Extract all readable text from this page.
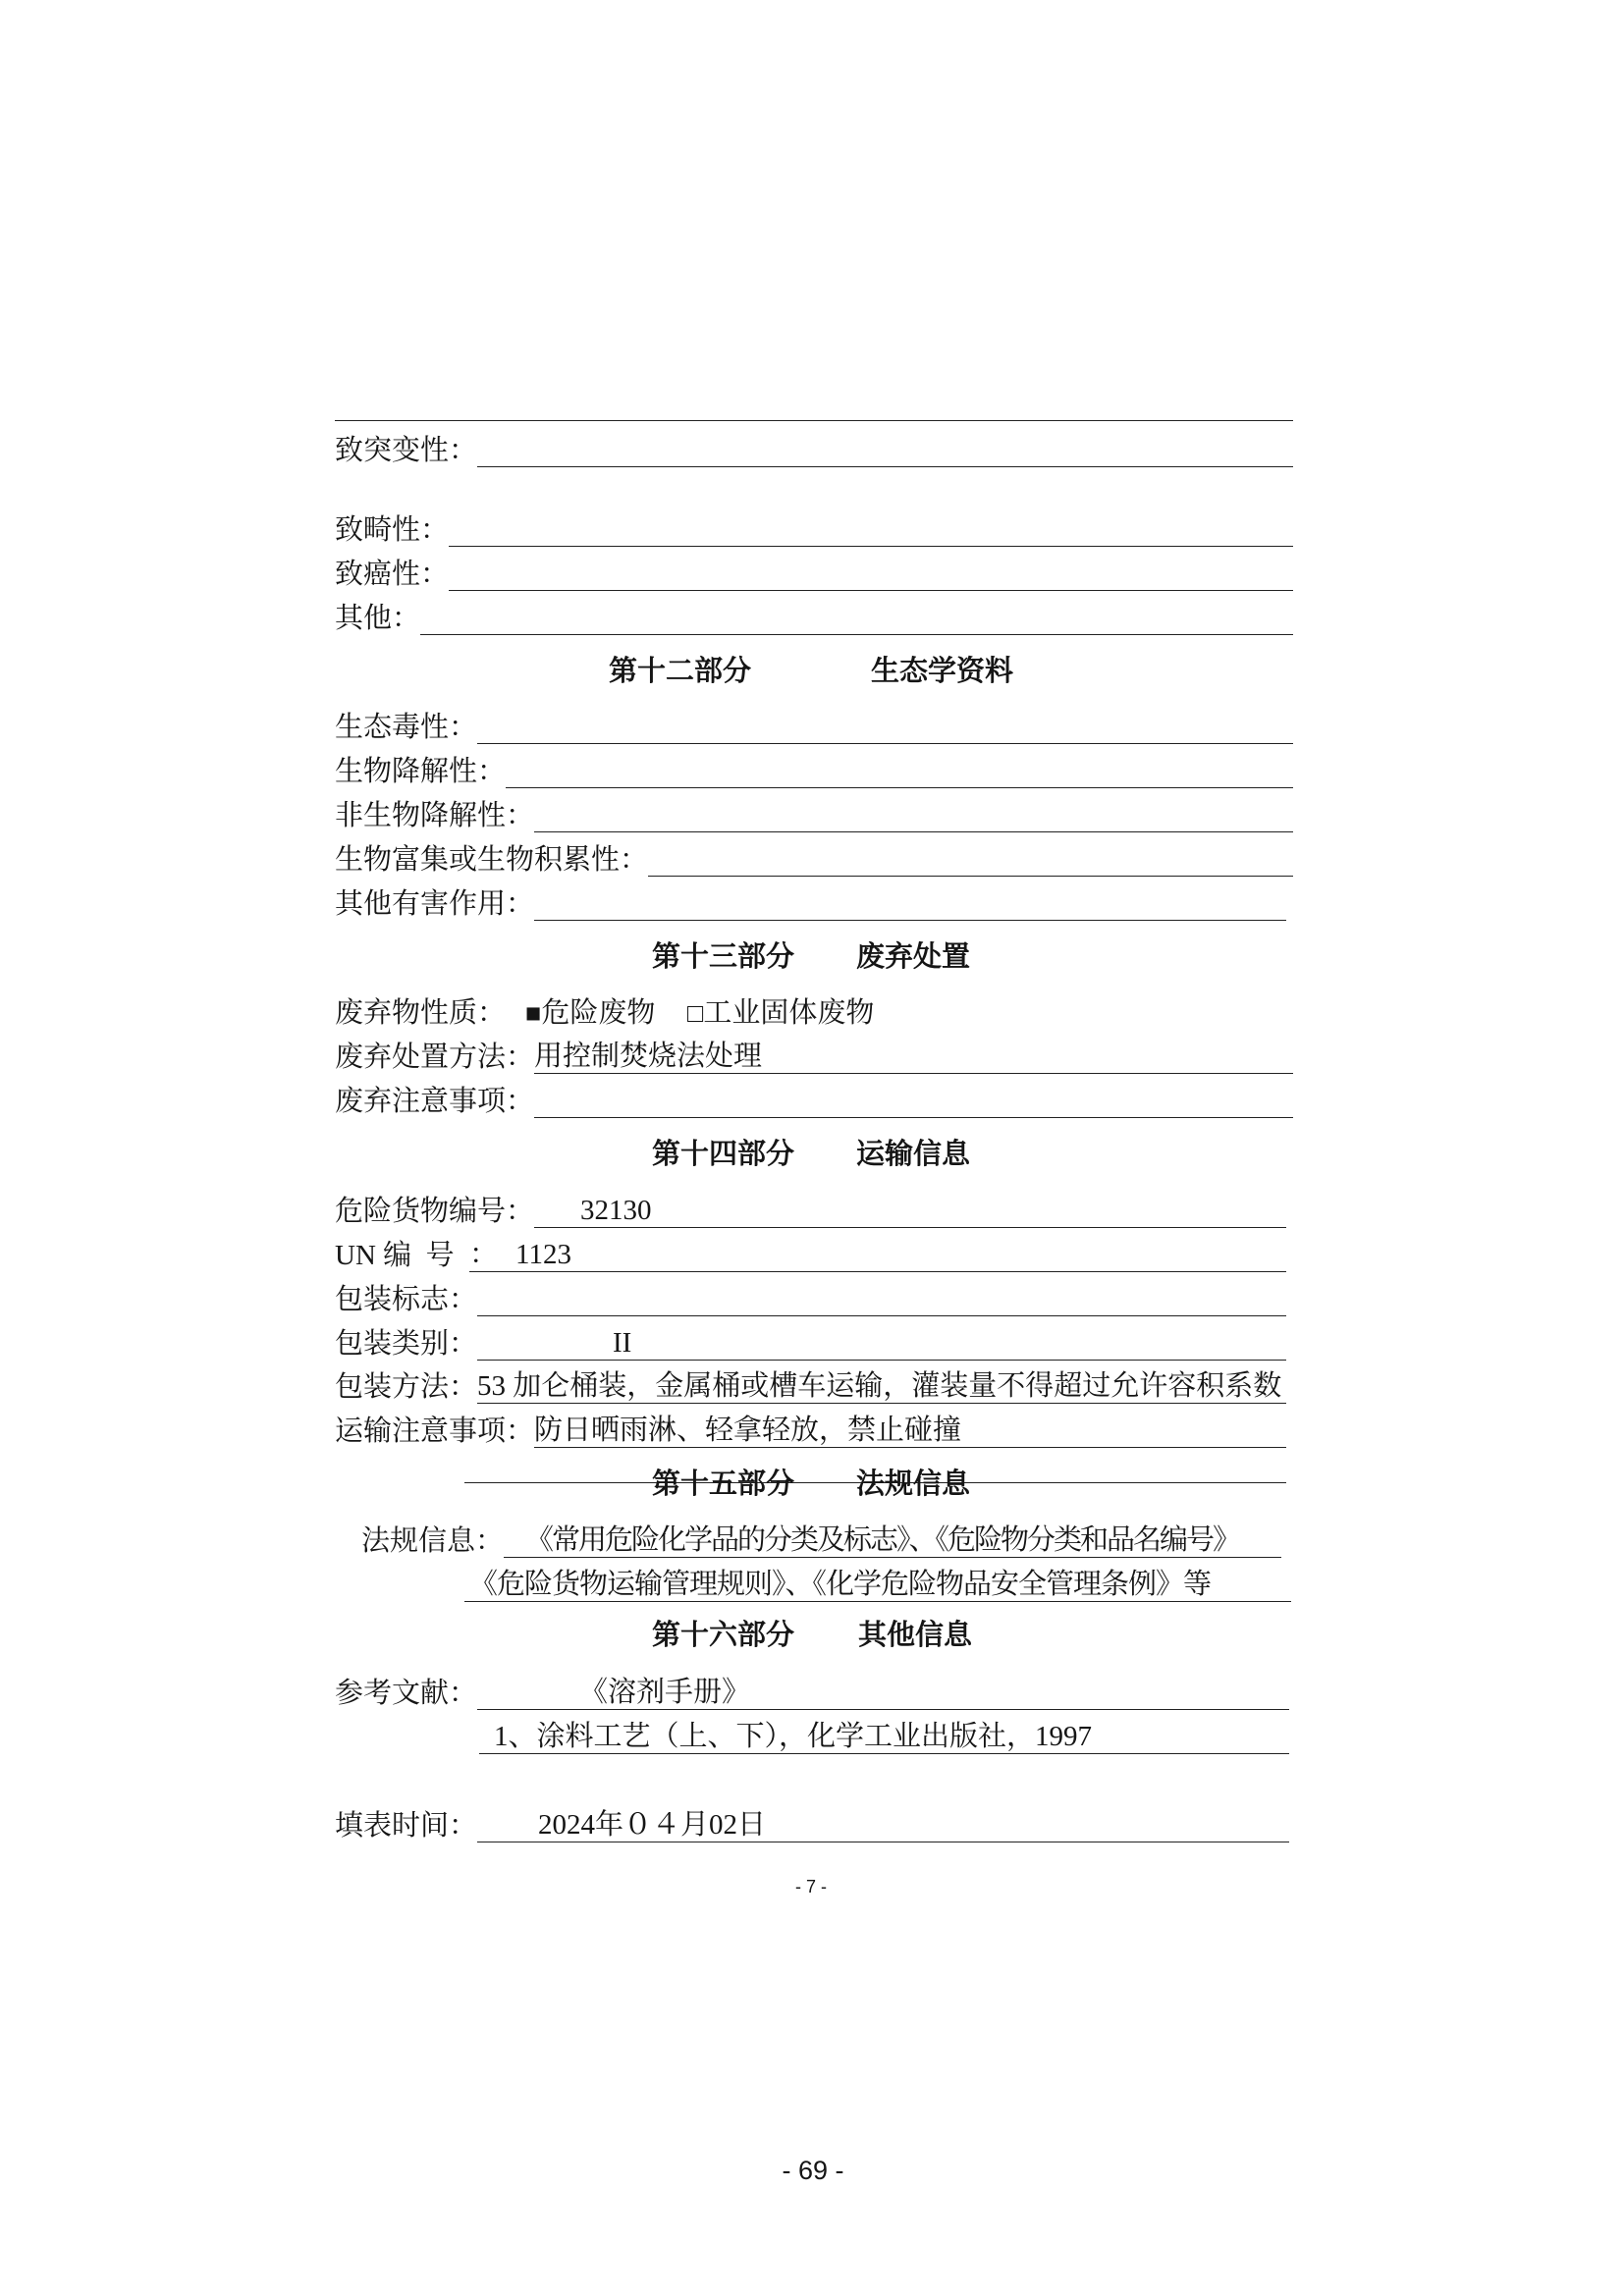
致突变性：
致畸性：
致癌性：
其他：
第十二部分	生态学资料
生态毒性：
生物降解性：
非生物降解性：
生物富集或生物积累性：
其他有害作用：
第十三部分 废弃处置
废弃物性质： ■危险废物 □工业固体废物
废弃处置方法： 用控制焚烧法处理
废弃注意事项：
第十四部分 运输信息
危险货物编号：	32130
UN 编  号 ： 1123
包装标志：
包装类别：	II
包装方法： 53 加仑桶装，金属桶或槽车运输，灌装量不得超过允许容积系数
运输注意事项： 防日晒雨淋、轻拿轻放，禁止碰撞
第十五部分 法规信息
法规信息： 《常用危险化学品的分类及标志》、《危险物分类和品名编号》
《危险货物运输管理规则》、《化学危险物品安全管理条例》等
第十六部分 其他信息
参考文献：	《溶剂手册》
1、涂料工艺（上、下），化学工业出版社，1997
填表时间：	2024年０４月02日
- 7 -
- 69 -
